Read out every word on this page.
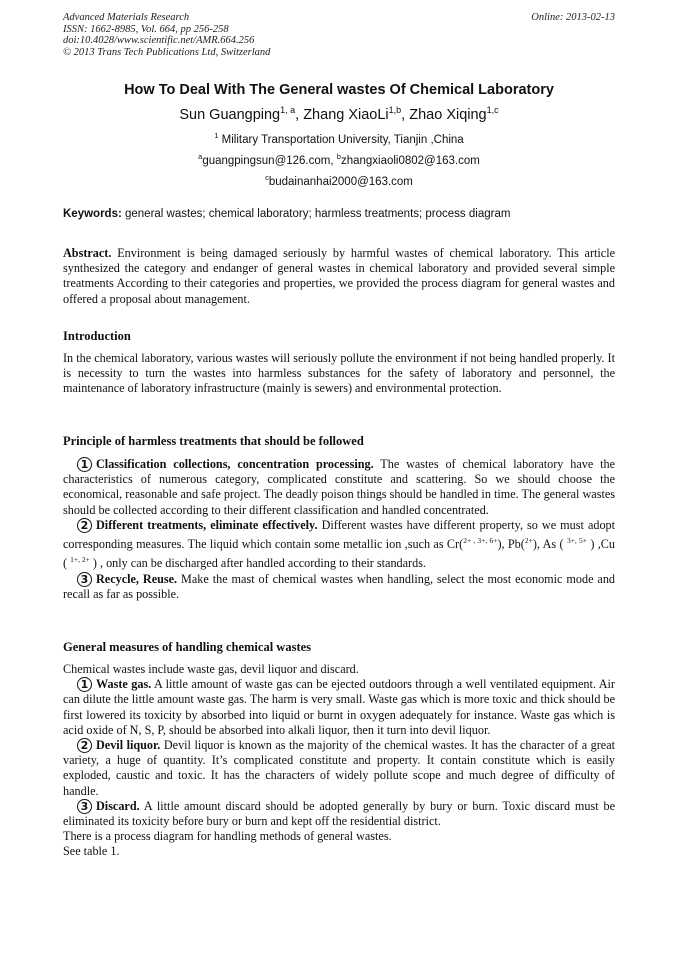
Advanced Materials Research
ISSN: 1662-8985, Vol. 664, pp 256-258
doi:10.4028/www.scientific.net/AMR.664.256
© 2013 Trans Tech Publications Ltd, Switzerland
Online: 2013-02-13
How To Deal With The General wastes Of Chemical Laboratory
Sun Guangping$^{1, a}$, Zhang XiaoLi$^{1,b}$, Zhao Xiqing$^{1,c}$
$^1$ Military Transportation University, Tianjin ,China
$^a$guangpingsun@126.com, $^b$zhangxiaoli0802@163.com
$^c$budainanhai2000@163.com
Keywords: general wastes; chemical laboratory; harmless treatments; process diagram
Abstract. Environment is being damaged seriously by harmful wastes of chemical laboratory. This article synthesized the category and endanger of general wastes in chemical laboratory and provided several simple treatments According to their categories and properties, we provided the process diagram for general wastes and offered a proposal about management.
Introduction
In the chemical laboratory, various wastes will seriously pollute the environment if not being handled properly. It is necessity to turn the wastes into harmless substances for the safety of laboratory and personnel, the maintenance of laboratory infrastructure (mainly is sewers) and environmental protection.
Principle of harmless treatments that should be followed
1 Classification collections, concentration processing. The wastes of chemical laboratory have the characteristics of numerous category, complicated constitute and scattering. So we should choose the economical, reasonable and safe project. The deadly poison things should be handled in time. The general wastes should be collected according to their different classification and handled concentrated.
2 Different treatments, eliminate effectively. Different wastes have different property, so we must adopt corresponding measures. The liquid which contain some metallic ion ,such as Cr($^{2+ , 3+, 6+}$), Pb($^{2+}$), As ( $^{3+, 5+}$ ) ,Cu ( $^{1+, 2+}$ ) , only can be discharged after handled according to their standards.
3 Recycle, Reuse. Make the mast of chemical wastes when handling, select the most economic mode and recall as far as possible.
General measures of handling chemical wastes
Chemical wastes include waste gas, devil liquor and discard.
1 Waste gas. A little amount of waste gas can be ejected outdoors through a well ventilated equipment. Air can dilute the little amount waste gas. The harm is very small. Waste gas which is more toxic and thick should be first lowered its toxicity by absorbed into liquid or burnt in oxygen adequately for instance. Waste gas which is acid oxide of N, S, P, should be absorbed into alkali liquor, then it turn into devil liquor.
2 Devil liquor. Devil liquor is known as the majority of the chemical wastes. It has the character of a great variety, a huge of quantity. It’s complicated constitute and property. It contain constitute which is easily exploded, caustic and toxic. It has the characters of widely pollute scope and much degree of difficulty of handle.
3 Discard. A little amount discard should be adopted generally by bury or burn. Toxic discard must be eliminated its toxicity before bury or burn and kept off the residential district.
There is a process diagram for handling methods of general wastes.
See table 1.
